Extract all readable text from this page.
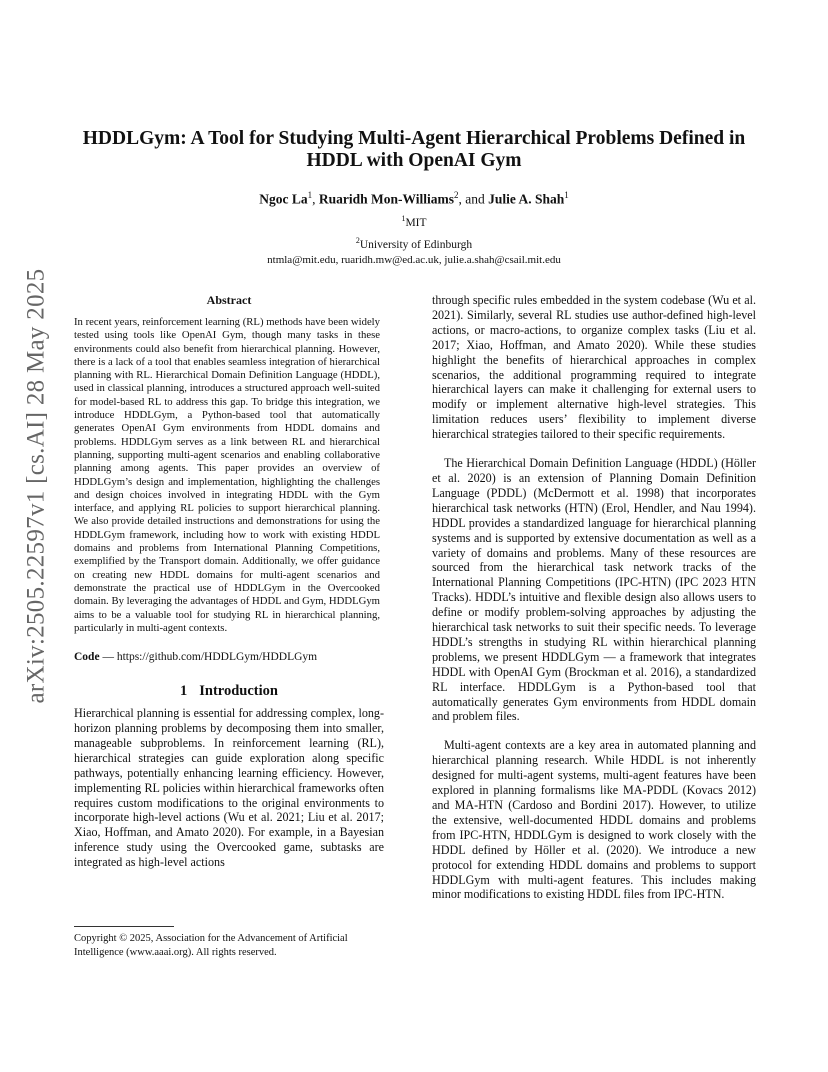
arXiv:2505.22597v1 [cs.AI] 28 May 2025
HDDLGym: A Tool for Studying Multi-Agent Hierarchical Problems Defined in
HDDL with OpenAI Gym
Ngoc La$^1$, Ruaridh Mon-Williams$^2$, and Julie A. Shah$^1$
$^1$MIT
$^2$University of Edinburgh
ntmla@mit.edu, ruaridh.mw@ed.ac.uk, julie.a.shah@csail.mit.edu
Abstract

In recent years, reinforcement learning (RL) methods have been widely tested using tools like OpenAI Gym, though many tasks in these environments could also benefit from hierarchical planning. However, there is a lack of a tool that enables seamless integration of hierarchical planning with RL. Hierarchical Domain Definition Language (HDDL), used in classical planning, introduces a structured approach well-suited for model-based RL to address this gap. To bridge this integration, we introduce HDDLGym, a Python-based tool that automatically generates OpenAI Gym environments from HDDL domains and problems. HDDLGym serves as a link between RL and hierarchical planning, supporting multi-agent scenarios and enabling collaborative planning among agents. This paper provides an overview of HDDLGym’s design and implementation, highlighting the challenges and design choices involved in integrating HDDL with the Gym interface, and applying RL policies to support hierarchical planning. We also provide detailed instructions and demonstrations for using the HDDLGym framework, including how to work with existing HDDL domains and problems from International Planning Competitions, exemplified by the Transport domain. Additionally, we offer guidance on creating new HDDL domains for multi-agent scenarios and demonstrate the practical use of HDDLGym in the Overcooked domain. By leveraging the advantages of HDDL and Gym, HDDLGym aims to be a valuable tool for studying RL in hierarchical planning, particularly in multi-agent contexts.

Code — https://github.com/HDDLGym/HDDLGym
1 Introduction

Hierarchical planning is essential for addressing complex, long-horizon planning problems by decomposing them into smaller, manageable subproblems. In reinforcement learning (RL), hierarchical strategies can guide exploration along specific pathways, potentially enhancing learning efficiency. However, implementing RL policies within hierarchical frameworks often requires custom modifications to the original environments to incorporate high-level actions (Wu et al. 2021; Liu et al. 2017; Xiao, Hoffman, and Amato 2020). For example, in a Bayesian inference study using the Overcooked game, subtasks are integrated as high-level actions

through specific rules embedded in the system codebase (Wu et al. 2021). Similarly, several RL studies use author-defined high-level actions, or macro-actions, to organize complex tasks (Liu et al. 2017; Xiao, Hoffman, and Amato 2020). While these studies highlight the benefits of hierarchical approaches in complex scenarios, the additional programming required to integrate hierarchical layers can make it challenging for external users to modify or implement alternative high-level strategies. This limitation reduces users’ flexibility to implement diverse hierarchical strategies tailored to their specific requirements.

The Hierarchical Domain Definition Language (HDDL) (Höller et al. 2020) is an extension of Planning Domain Definition Language (PDDL) (McDermott et al. 1998) that incorporates hierarchical task networks (HTN) (Erol, Hendler, and Nau 1994). HDDL provides a standardized language for hierarchical planning systems and is supported by extensive documentation as well as a variety of domains and problems. Many of these resources are sourced from the hierarchical task network tracks of the International Planning Competitions (IPC-HTN) (IPC 2023 HTN Tracks). HDDL’s intuitive and flexible design also allows users to define or modify problem-solving approaches by adjusting the hierarchical task networks to suit their specific needs. To leverage HDDL’s strengths in studying RL within hierarchical planning problems, we present HDDLGym — a framework that integrates HDDL with OpenAI Gym (Brockman et al. 2016), a standardized RL interface. HDDLGym is a Python-based tool that automatically generates Gym environments from HDDL domain and problem files.

Multi-agent contexts are a key area in automated planning and hierarchical planning research. While HDDL is not inherently designed for multi-agent systems, multi-agent features have been explored in planning formalisms like MA-PDDL (Kovacs 2012) and MA-HTN (Cardoso and Bordini 2017). However, to utilize the extensive, well-documented HDDL domains and problems from IPC-HTN, HDDLGym is designed to work closely with the HDDL defined by Höller et al. (2020). We introduce a new protocol for extending HDDL domains and problems to support HDDLGym with multi-agent features. This includes making minor modifications to existing HDDL files from IPC-HTN.

Copyright © 2025, Association for the Advancement of Artificial Intelligence (www.aaai.org). All rights reserved.
